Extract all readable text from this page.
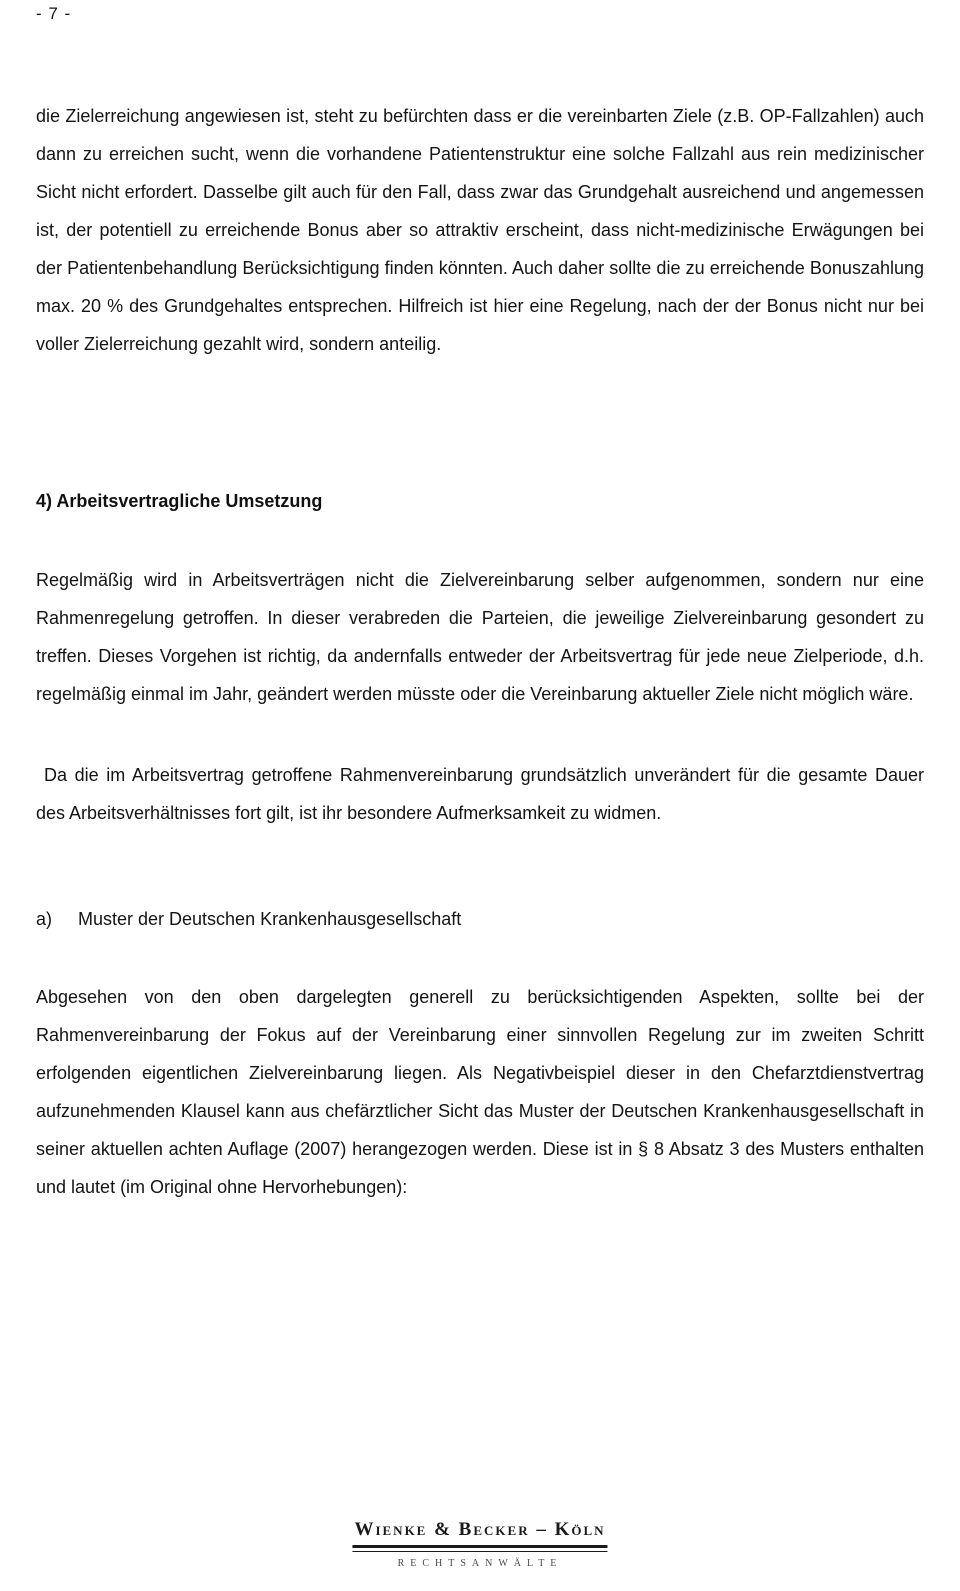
- 7 -

die Zielerreichung angewiesen ist, steht zu befürchten dass er die vereinbarten Ziele (z.B. OP-Fallzahlen) auch dann zu erreichen sucht, wenn die vorhandene Patientenstruktur eine solche Fallzahl aus rein medizinischer Sicht nicht erfordert. Dasselbe gilt auch für den Fall, dass zwar das Grundgehalt ausreichend und angemessen ist, der potentiell zu erreichende Bonus aber so attraktiv erscheint, dass nicht-medizinische Erwägungen bei der Patientenbehandlung Berücksichtigung finden könnten. Auch daher sollte die zu erreichende Bonuszahlung max. 20 % des Grundgehaltes entsprechen. Hilfreich ist hier eine Regelung, nach der der Bonus nicht nur bei voller Zielerreichung gezahlt wird, sondern anteilig.

4) Arbeitsvertragliche Umsetzung

Regelmäßig wird in Arbeitsverträgen nicht die Zielvereinbarung selber aufgenommen, sondern nur eine Rahmenregelung getroffen. In dieser verabreden die Parteien, die jeweilige Zielvereinbarung gesondert zu treffen. Dieses Vorgehen ist richtig, da andernfalls entweder der Arbeitsvertrag für jede neue Zielperiode, d.h. regelmäßig einmal im Jahr, geändert werden müsste oder die Vereinbarung aktueller Ziele nicht möglich wäre.

Da die im Arbeitsvertrag getroffene Rahmenvereinbarung grundsätzlich unverändert für die gesamte Dauer des Arbeitsverhältnisses fort gilt, ist ihr besondere Aufmerksamkeit zu widmen.

a) Muster der Deutschen Krankenhausgesellschaft

Abgesehen von den oben dargelegten generell zu berücksichtigenden Aspekten, sollte bei der Rahmenvereinbarung der Fokus auf der Vereinbarung einer sinnvollen Regelung zur im zweiten Schritt erfolgenden eigentlichen Zielvereinbarung liegen. Als Negativbeispiel dieser in den Chefarztdienstvertrag aufzunehmenden Klausel kann aus chefärztlicher Sicht das Muster der Deutschen Krankenhausgesellschaft in seiner aktuellen achten Auflage (2007) herangezogen werden. Diese ist in § 8 Absatz 3 des Musters enthalten und lautet (im Original ohne Hervorhebungen):

Wienke & Becker – Köln
RECHTSANWÄLTE
